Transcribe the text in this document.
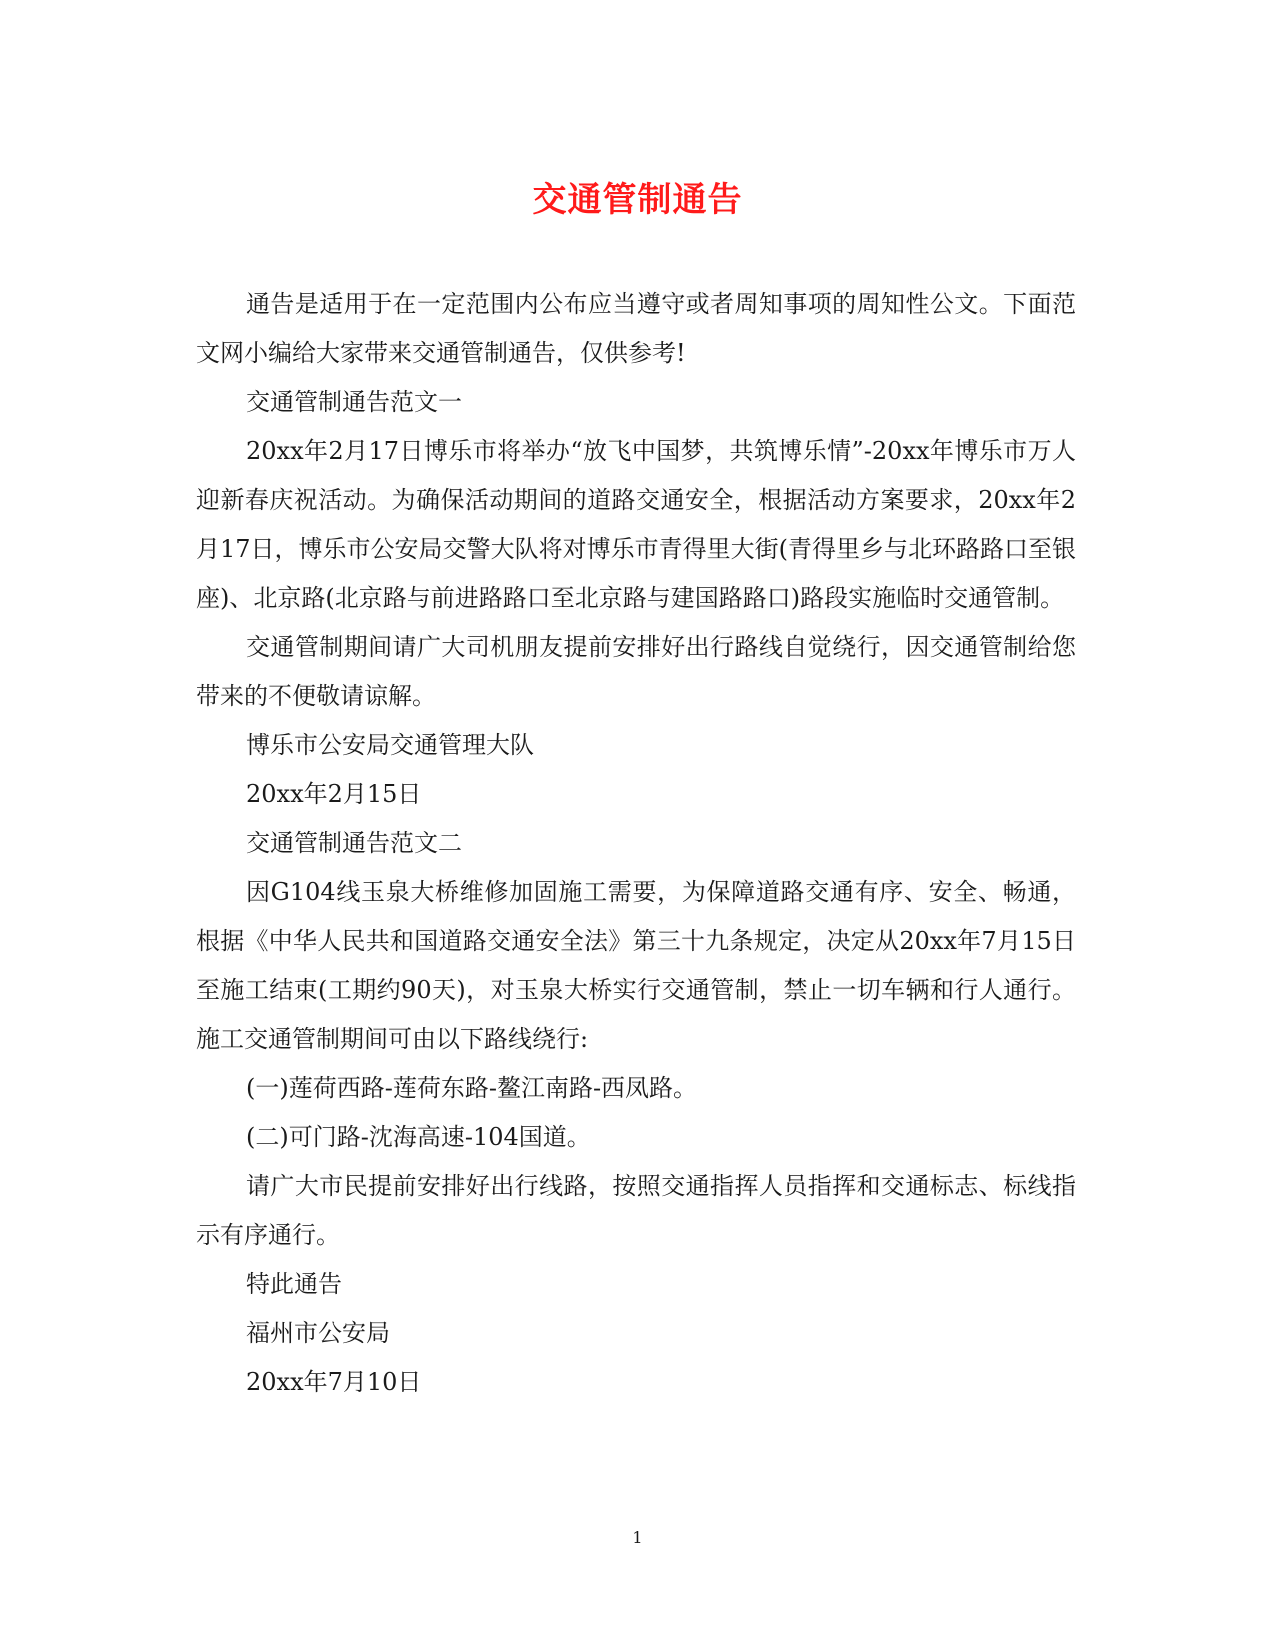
交通管制通告

通告是适用于在一定范围内公布应当遵守或者周知事项的周知性公文。下面范文网小编给大家带来交通管制通告，仅供参考!

交通管制通告范文一

20xx年2月17日博乐市将举办“放飞中国梦，共筑博乐情”-20xx年博乐市万人迎新春庆祝活动。为确保活动期间的道路交通安全，根据活动方案要求，20xx年2月17日，博乐市公安局交警大队将对博乐市青得里大街(青得里乡与北环路路口至银座)、北京路(北京路与前进路路口至北京路与建国路路口)路段实施临时交通管制。

交通管制期间请广大司机朋友提前安排好出行路线自觉绕行，因交通管制给您带来的不便敬请谅解。

博乐市公安局交通管理大队

20xx年2月15日

交通管制通告范文二

因G104线玉泉大桥维修加固施工需要，为保障道路交通有序、安全、畅通，根据《中华人民共和国道路交通安全法》第三十九条规定，决定从20xx年7月15日至施工结束(工期约90天)，对玉泉大桥实行交通管制，禁止一切车辆和行人通行。施工交通管制期间可由以下路线绕行:

(一)莲荷西路-莲荷东路-鳌江南路-西凤路。

(二)可门路-沈海高速-104国道。

请广大市民提前安排好出行线路，按照交通指挥人员指挥和交通标志、标线指示有序通行。

特此通告

福州市公安局

20xx年7月10日

1
